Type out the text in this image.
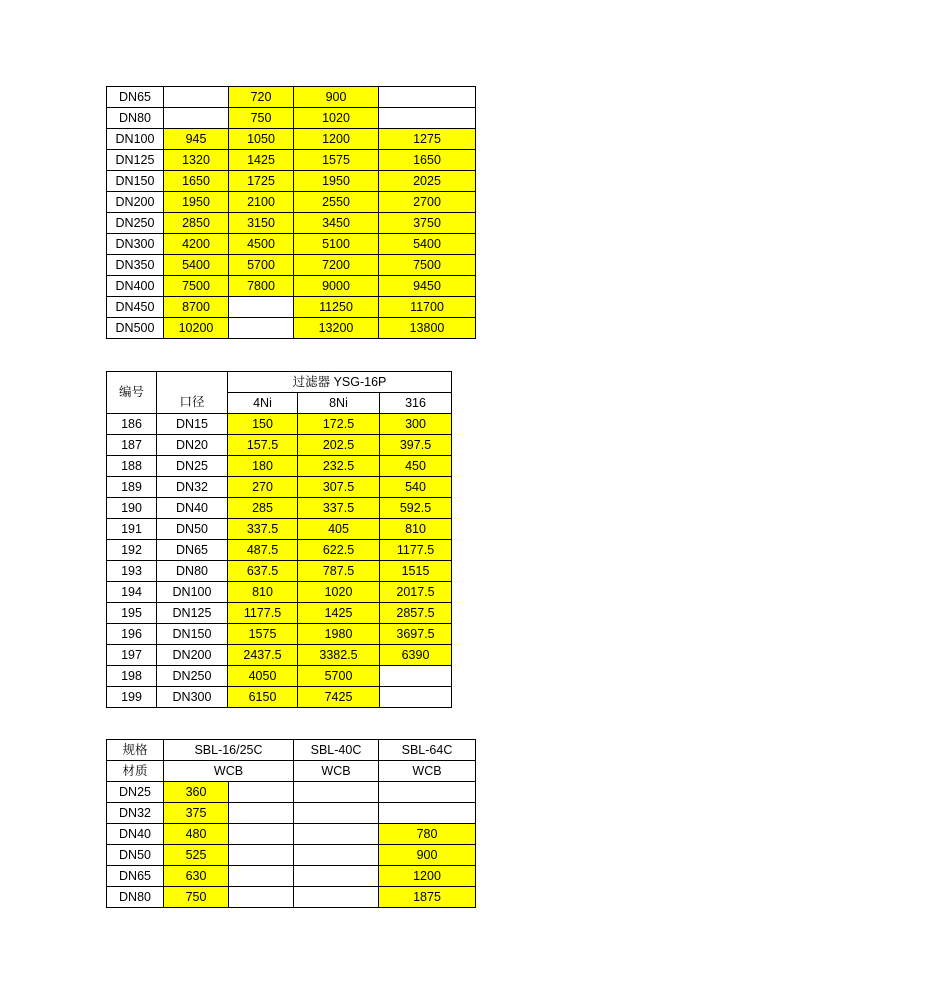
DN65		720	900	
DN80		750	1020	
DN100	945	1050	1200	1275
DN125	1320	1425	1575	1650
DN150	1650	1725	1950	2025
DN200	1950	2100	2550	2700
DN250	2850	3150	3450	3750
DN300	4200	4500	5100	5400
DN350	5400	5700	7200	7500
DN400	7500	7800	9000	9450
DN450	8700		11250	11700
DN500	10200		13200	13800
编号		过滤器 YSG-16P		
	口径	4Ni	8Ni	316
186	DN15	150	172.5	300
187	DN20	157.5	202.5	397.5
188	DN25	180	232.5	450
189	DN32	270	307.5	540
190	DN40	285	337.5	592.5
191	DN50	337.5	405	810
192	DN65	487.5	622.5	1177.5
193	DN80	637.5	787.5	1515
194	DN100	810	1020	2017.5
195	DN125	1177.5	1425	2857.5
196	DN150	1575	1980	3697.5
197	DN200	2437.5	3382.5	6390
198	DN250	4050	5700	
199	DN300	6150	7425	
规格	SBL-16/25C		SBL-40C	SBL-64C
材质	WCB		WCB	WCB
DN25	360			
DN32	375			
DN40	480			780
DN50	525			900
DN65	630			1200
DN80	750			1875
